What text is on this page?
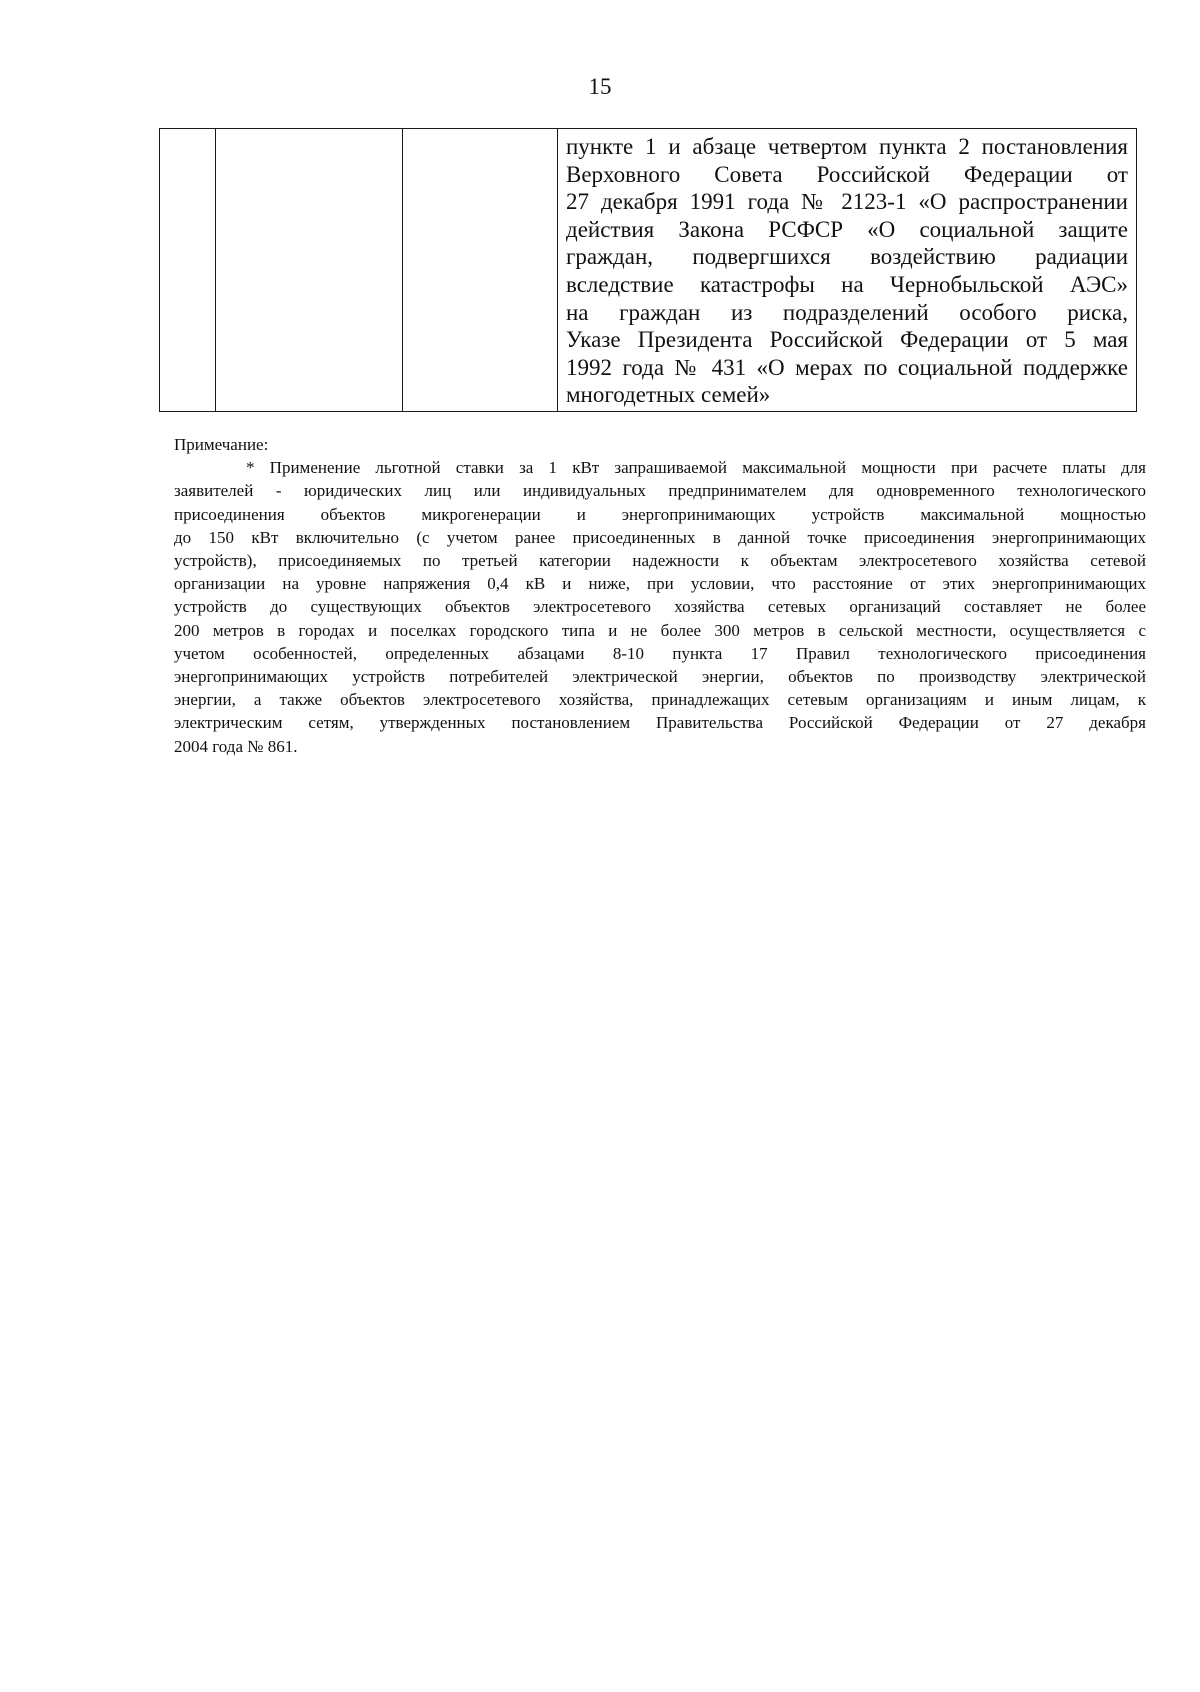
15

пункте 1 и абзаце четвертом пункта 2 постановления
Верховного Совета Российской Федерации от
27 декабря 1991 года № 2123-1 «О распространении
действия Закона РСФСР «О социальной защите
граждан, подвергшихся воздействию радиации
вследствие катастрофы на Чернобыльской АЭС»
на граждан из подразделений особого риска,
Указе Президента Российской Федерации от 5 мая
1992 года № 431 «О мерах по социальной поддержке
многодетных семей»

Примечание:

* Применение льготной ставки за 1 кВт запрашиваемой максимальной мощности при расчете платы для
заявителей - юридических лиц или индивидуальных предпринимателем для одновременного технологического
присоединения объектов микрогенерации и энергопринимающих устройств максимальной мощностью
до 150 кВт включительно (с учетом ранее присоединенных в данной точке присоединения энергопринимающих
устройств), присоединяемых по третьей категории надежности к объектам электросетевого хозяйства сетевой
организации на уровне напряжения 0,4 кВ и ниже, при условии, что расстояние от этих энергопринимающих
устройств до существующих объектов электросетевого хозяйства сетевых организаций составляет не более
200 метров в городах и поселках городского типа и не более 300 метров в сельской местности, осуществляется с
учетом особенностей, определенных абзацами 8-10 пункта 17 Правил технологического присоединения
энергопринимающих устройств потребителей электрической энергии, объектов по производству электрической
энергии, а также объектов электросетевого хозяйства, принадлежащих сетевым организациям и иным лицам, к
электрическим сетям, утвержденных постановлением Правительства Российской Федерации от 27 декабря
2004 года № 861.
